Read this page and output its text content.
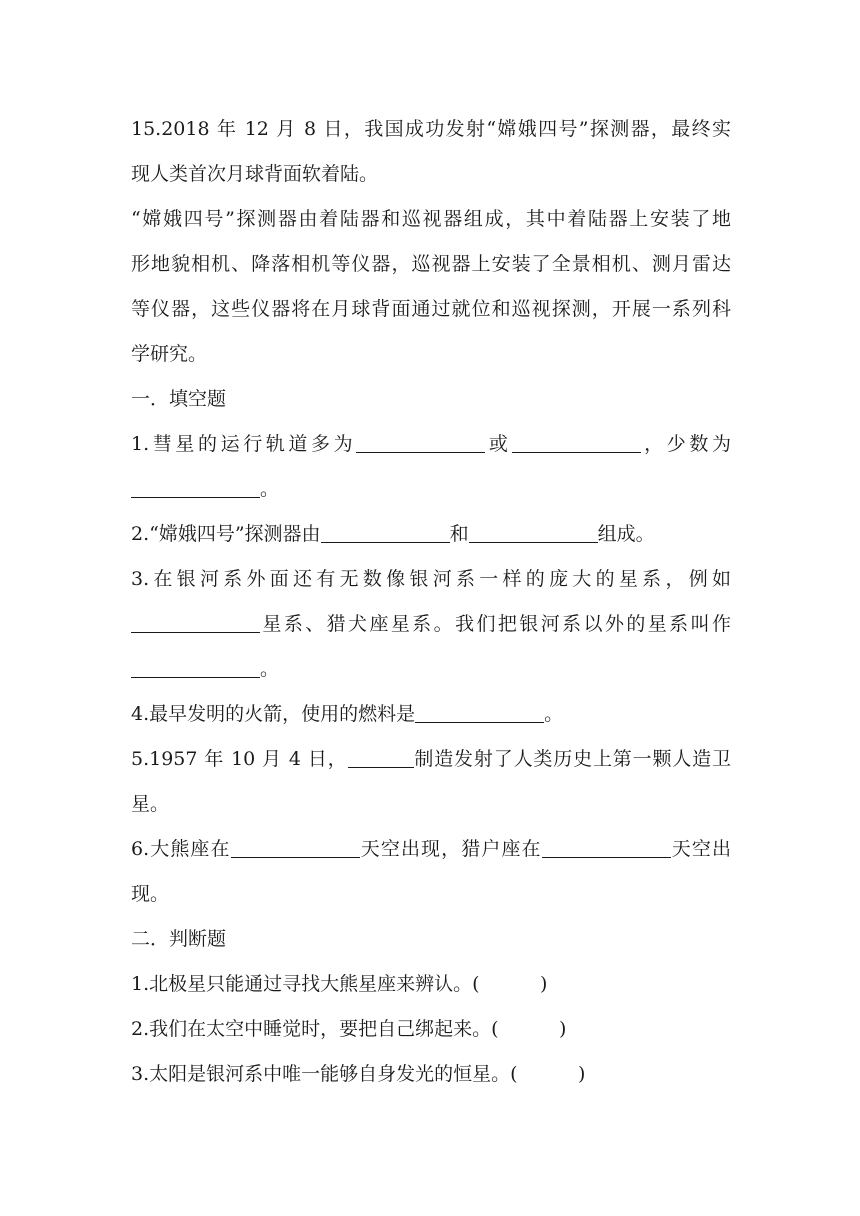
15.2018 年 12 月 8 日，我国成功发射“嫦娥四号”探测器，最终实
现人类首次月球背面软着陆。
“嫦娥四号”探测器由着陆器和巡视器组成，其中着陆器上安装了地
形地貌相机、降落相机等仪器，巡视器上安装了全景相机、测月雷达
等仪器，这些仪器将在月球背面通过就位和巡视探测，开展一系列科
学研究。
一．填空题
1.彗星的运行轨道多为	或	，少数为
。
2.“嫦娥四号”探测器由	和	组成。
3.在银河系外面还有无数像银河系一样的庞大的星系，例如
星系、猎犬座星系。我们把银河系以外的星系叫作
。
4.最早发明的火箭，使用的燃料是	。
5.1957 年 10 月 4 日，	制造发射了人类历史上第一颗人造卫
星。
6.大熊座在	天空出现，猎户座在	天空出
现。
二．判断题
1.北极星只能通过寻找大熊星座来辨认。(          )
2.我们在太空中睡觉时，要把自己绑起来。(          )
3.太阳是银河系中唯一能够自身发光的恒星。(          )
